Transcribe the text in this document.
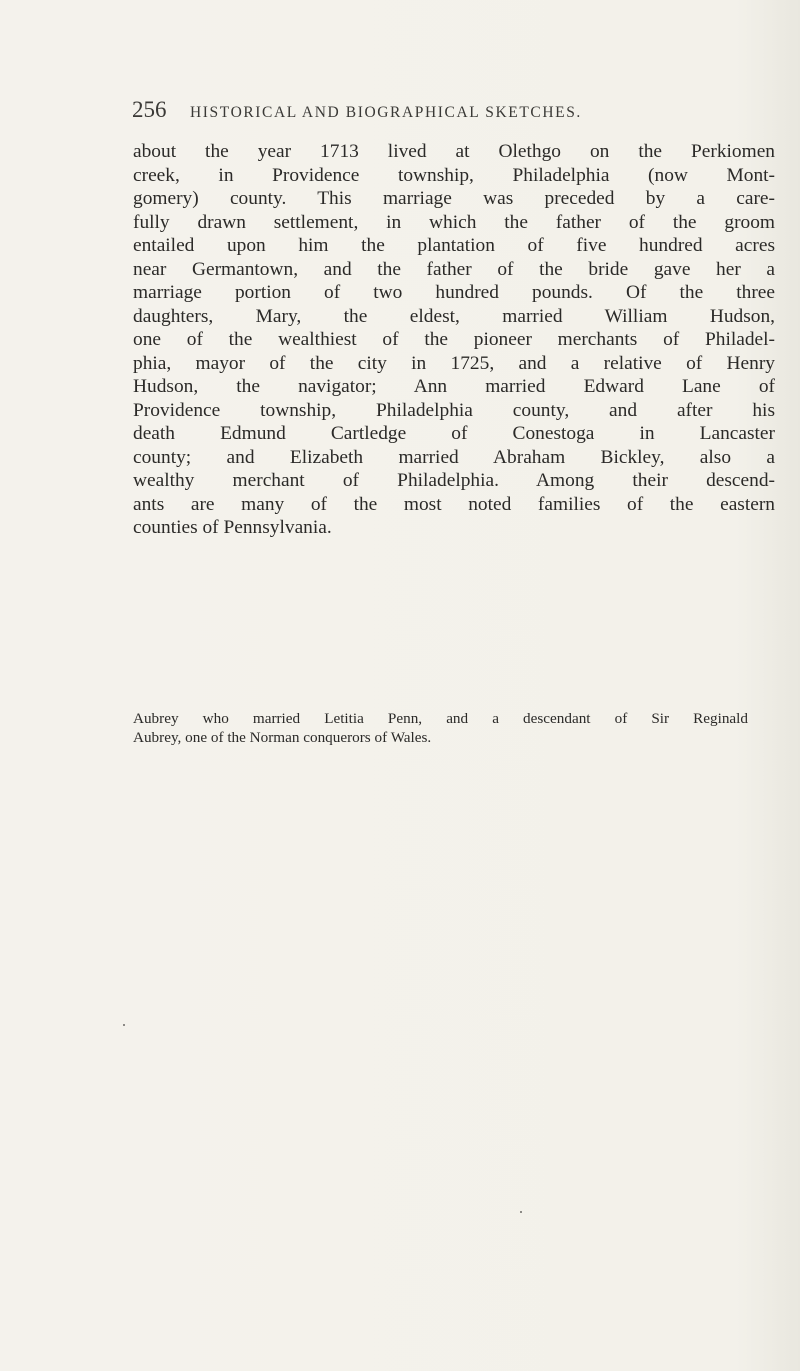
256 HISTORICAL AND BIOGRAPHICAL SKETCHES.
about the year 1713 lived at Olethgo on the Perkiomen
creek, in Providence township, Philadelphia (now Mont-
gomery) county. This marriage was preceded by a care-
fully drawn settlement, in which the father of the groom
entailed upon him the plantation of five hundred acres
near Germantown, and the father of the bride gave her a
marriage portion of two hundred pounds. Of the three
daughters, Mary, the eldest, married William Hudson,
one of the wealthiest of the pioneer merchants of Philadel-
phia, mayor of the city in 1725, and a relative of Henry
Hudson, the navigator; Ann married Edward Lane of
Providence township, Philadelphia county, and after his
death Edmund Cartledge of Conestoga in Lancaster
county; and Elizabeth married Abraham Bickley, also a
wealthy merchant of Philadelphia. Among their descend-
ants are many of the most noted families of the eastern
counties of Pennsylvania.
Aubrey who married Letitia Penn, and a descendant of Sir Reginald
Aubrey, one of the Norman conquerors of Wales.
